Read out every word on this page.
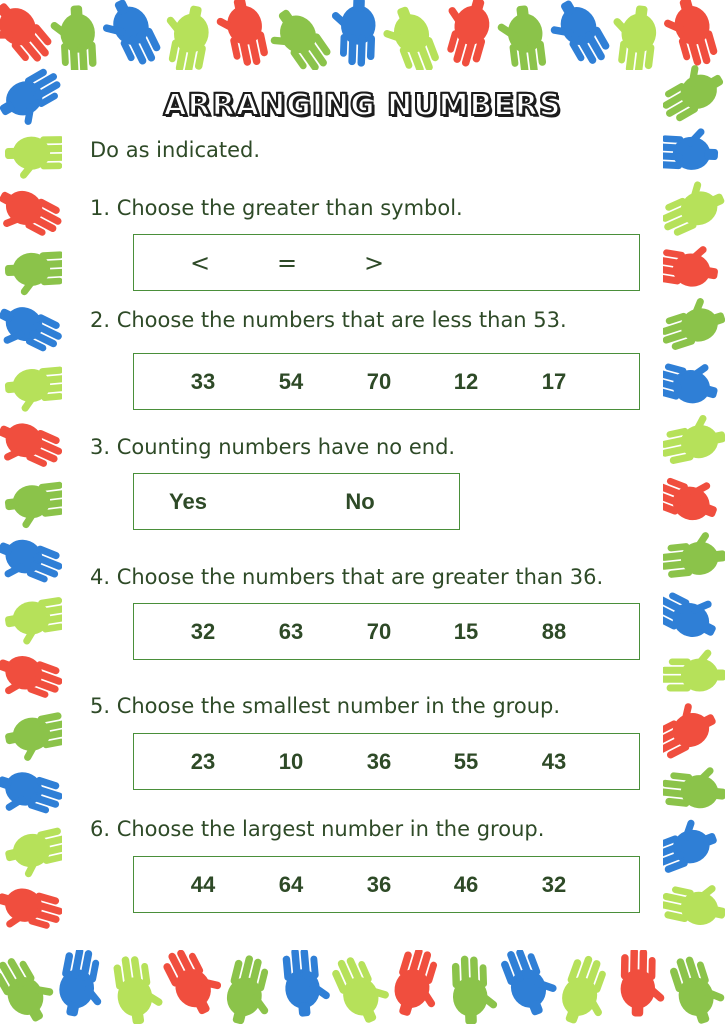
ARRANGING NUMBERS
Do as indicated.
1. Choose the greater than symbol.
<	=	>
2. Choose the numbers that are less than 53.
33	54	70	12	17
3. Counting numbers have no end.
Yes	No
4. Choose the numbers that are greater than 36.
32	63	70	15	88
5. Choose the smallest number in the group.
23	10	36	55	43
6. Choose the largest number in the group.
44	64	36	46	32
